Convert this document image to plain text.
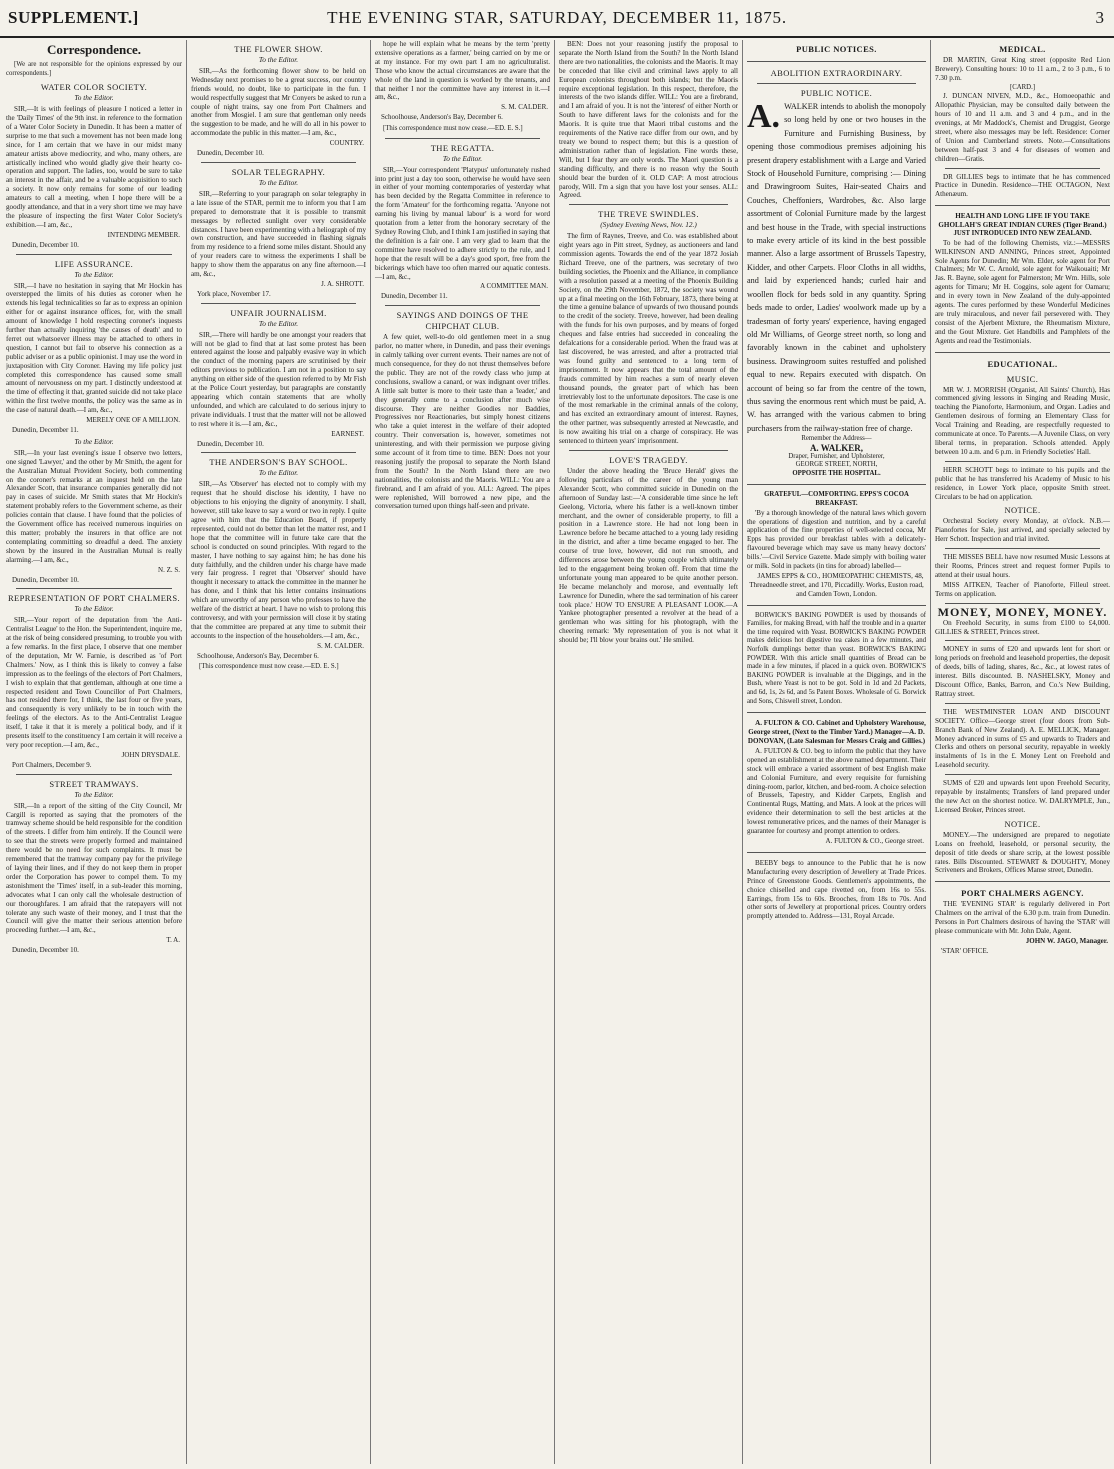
SUPPLEMENT.]	THE EVENING STAR, SATURDAY, DECEMBER 11, 1875.	3
Correspondence.

[We are not responsible for the opinions expressed by our correspondents.]

WATER COLOR SOCIETY.
To the Editor.

SIR,—It is with feelings of pleasure I noticed a letter in the 'Daily Times' of the 9th inst. in reference to the formation of a Water Color Society in Dunedin. It has been a matter of surprise to me that such a movement has not been made long since, for I am certain that we have in our midst many amateur artists above mediocrity, and who, many others, are artistically inclined who would gladly give their hearty co-operation and support. The ladies, too, would be sure to take an interest in the affair, and be a valuable acquisition to such a society. It now only remains for some of our leading amateurs to call a meeting, when I hope there will be a goodly attendance, and that in a very short time we may have the pleasure of inspecting the first Water Color Society's exhibition.—I am, &c.,

INTENDING MEMBER.
Dunedin, December 10.
LIFE ASSURANCE.
To the Editor.

SIR,—I have no hesitation in saying that Mr Hockin has overstepped the limits of his duties as coroner when he extends his legal technicalities so far as to express an opinion either for or against insurance offices, for, with the small amount of knowledge I hold respecting coroner's inquests further than actually inquiring 'the causes of death' and to ferret out whatsoever illness may be attached to others in question, I cannot but fail to observe his connection as a public adviser or as a public opinionist. I may use the word in juxtaposition with City Coroner. Having my life policy just completed this correspondence has caused some small amount of nervousness on my part. I distinctly understood at the time of effecting it that, granted suicide did not take place within the first twelve months, the policy was the same as in the case of natural death.—I am, &c.,

MERELY ONE OF A MILLION.
Dunedin, December 11.
To the Editor.

SIR,—In your last evening's issue I observe two letters, one signed 'Lawyer,' and the other by Mr Smith, the agent for the Australian Mutual Provident Society, both commenting on the coroner's remarks at an inquest held on the late Alexander Scott, that insurance companies generally did not pay in cases of suicide. Mr Smith states that Mr Hockin's statement probably refers to the Government scheme, as their policies contain that clause. I have found that the policies of the Government office has received numerous inquiries on this matter; probably the insurers in that office are not contemplating committing so dreadful a deed. The anxiety shown by the insured in the Australian Mutual is really alarming.—I am, &c.,

N. Z. S.
Dunedin, December 10.
REPRESENTATION OF PORT CHALMERS.
To the Editor.

SIR,—Your report of the deputation from 'the Anti-Centralist League' to the Hon. the Superintendent, inquire me, at the risk of being considered presuming, to trouble you with a few remarks. In the first place, I observe that one member of the deputation, Mr W. Farnie, is described as 'of Port Chalmers.' Now, as I think this is likely to convey a false impression as to the feelings of the electors of Port Chalmers, I wish to explain that that gentleman, although at one time a respected resident and Town Councillor of Port Chalmers, has not resided there for, I think, the last four or five years, and consequently is very unlikely to be in touch with the feelings of the electors. As to the Anti-Centralist League itself, I take it that it is merely a political body, and if it presents itself to the constituency I am certain it will receive a very poor reception.—I am, &c.,

JOHN DRYSDALE.
Port Chalmers, December 9.
STREET TRAMWAYS.
To the Editor.

SIR,—In a report of the sitting of the City Council, Mr Cargill is reported as saying that the promoters of the tramway scheme should be held responsible for the condition of the streets. I differ from him entirely. If the Council were to see that the streets were properly formed and maintained there would be no need for such complaints. It must be remembered that the tramway company pay for the privilege of laying their lines, and if they do not keep them in proper order the Corporation has power to compel them. To my astonishment the 'Times' itself, in a sub-leader this morning, advocates what I can only call the wholesale destruction of our thoroughfares. I am afraid that the ratepayers will not tolerate any such waste of their money, and I trust that the Council will give the matter their serious attention before proceeding further.—I am, &c.,

T. A.
Dunedin, December 10.
THE FLOWER SHOW.
To the Editor.

SIR,—As the forthcoming flower show to be held on Wednesday next promises to be a great success, our country friends would, no doubt, like to participate in the fun. I would respectfully suggest that Mr Conyers be asked to run a couple of night trains, say one from Port Chalmers and another from Mosgiel. I am sure that gentleman only needs the suggestion to be made, and he will do all in his power to accommodate the public in this matter.—I am, &c.,

COUNTRY.
Dunedin, December 10.
SOLAR TELEGRAPHY.
To the Editor.

SIR,—Referring to your paragraph on solar telegraphy in a late issue of the STAR, permit me to inform you that I am prepared to demonstrate that it is possible to transmit messages by reflected sunlight over very considerable distances. I have been experimenting with a heliograph of my own construction, and have succeeded in flashing signals from my residence to a friend some miles distant. Should any of your readers care to witness the experiments I shall be happy to show them the apparatus on any fine afternoon.—I am, &c.,

J. A. SHROTT.
York place, November 17.
UNFAIR JOURNALISM.
To the Editor.

SIR,—There will hardly be one amongst your readers that will not be glad to find that at last some protest has been entered against the loose and palpably evasive way in which the conduct of the morning papers are scrutinised by their editors previous to publication. I am not in a position to say anything on either side of the question referred to by Mr Fish at the Police Court yesterday, but paragraphs are constantly appearing which contain statements that are wholly unfounded, and which are calculated to do serious injury to private individuals. I trust that the matter will not be allowed to rest where it is.—I am, &c.,

EARNEST.
Dunedin, December 10.
THE ANDERSON'S BAY SCHOOL.
To the Editor.

SIR,—As 'Observer' has elected not to comply with my request that he should disclose his identity, I have no objections to his enjoying the dignity of anonymity. I shall, however, still take leave to say a word or two in reply. I quite agree with him that the Education Board, if properly represented, could not do better than let the matter rest, and I hope that the committee will in future take care that the school is conducted on sound principles. With regard to the master, I have nothing to say against him; he has done his duty faithfully, and the children under his charge have made very fair progress. I regret that 'Observer' should have thought it necessary to attack the committee in the manner he has done, and I think that his letter contains insinuations which are unworthy of any person who professes to have the welfare of the district at heart. I have no wish to prolong this controversy, and with your permission will close it by stating that the committee are prepared at any time to submit their accounts to the inspection of the householders.—I am, &c.,

S. M. CALDER.
Schoolhouse, Anderson's Bay, December 6.

[This correspondence must now cease.—ED. E. S.]

hope he will explain what he means by the term 'pretty extensive operations as a farmer,' being carried on by me or at my instance. For my own part I am no agriculturalist. Those who know the actual circumstances are aware that the whole of the land in question is worked by the tenants, and that neither I nor the committee have any interest in it.—I am, &c.,

S. M. CALDER.
Schoolhouse, Anderson's Bay, December 6.

[This correspondence must now cease.—ED. E. S.]

THE REGATTA.
To the Editor.

SIR,—Your correspondent 'Platypus' unfortunately rushed into print just a day too soon, otherwise he would have seen in either of your morning contemporaries of yesterday what has been decided by the Regatta Committee in reference to the form 'Amateur' for the forthcoming regatta. 'Anyone not earning his living by manual labour' is a word for word quotation from a letter from the honorary secretary of the Sydney Rowing Club, and I think I am justified in saying that the definition is a fair one. I am very glad to learn that the committee have resolved to adhere strictly to the rule, and I hope that the result will be a day's good sport, free from the bickerings which have too often marred our aquatic contests.—I am, &c.,

A COMMITTEE MAN.
Dunedin, December 11.
SAYINGS AND DOINGS OF THE CHIPCHAT CLUB.

A few quiet, well-to-do old gentlemen meet in a snug parlor, no matter where, in Dunedin, and pass their evenings in calmly talking over current events. Their names are not of much consequence, for they do not thrust themselves before the public. They are not of the rowdy class who jump at conclusions, swallow a canard, or wax indignant over trifles. A little salt butter is more to their taste than a 'leader,' and they generally come to a conclusion after much wise discourse. They are neither Goodies nor Baddies, Progressives nor Reactionaries, but simply honest citizens who take a quiet interest in the welfare of their adopted country. Their conversation is, however, sometimes not uninteresting, and with their permission we purpose giving some account of it from time to time. BEN: Does not your reasoning justify the proposal to separate the North Island from the South? In the North Island there are two nationalities, the colonists and the Maoris. WILL: You are a firebrand, and I am afraid of you. ALL: Agreed. The pipes were replenished, Will borrowed a new pipe, and the conversation turned upon things half-seen and private.

BEN: Does not your reasoning justify the proposal to separate the North Island from the South? In the North Island there are two nationalities, the colonists and the Maoris. It may be conceded that like civil and criminal laws apply to all European colonists throughout both islands; but the Maoris require exceptional legislation. In this respect, therefore, the interests of the two islands differ. WILL: You are a firebrand, and I am afraid of you. It is not the 'interest' of either North or South to have different laws for the colonists and for the Maoris. It is quite true that Maori tribal customs and the requirements of the Native race differ from our own, and by treaty we bound to respect them; but this is a question of administration rather than of legislation. Fine words these, Will, but I fear they are only words. The Maori question is a standing difficulty, and there is no reason why the South should bear the burden of it. OLD CAP: A most atrocious parody, Will. I'm a sign that you have lost your senses. ALL: Agreed.

THE TREVE SWINDLES.
(Sydney Evening News, Nov. 12.)

The firm of Raynes, Treeve, and Co. was established about eight years ago in Pitt street, Sydney, as auctioneers and land commission agents. Towards the end of the year 1872 Josiah Richard Treeve, one of the partners, was secretary of two building societies, the Phoenix and the Alliance, in compliance with a resolution passed at a meeting of the Phoenix Building Society, on the 29th November, 1872, the society was wound up at a final meeting on the 16th February, 1873, there being at the time a genuine balance of upwards of two thousand pounds to the credit of the society. Treeve, however, had been dealing with the funds for his own purposes, and by means of forged cheques and false entries had succeeded in concealing the defalcations for a considerable period. When the fraud was at last discovered, he was arrested, and after a protracted trial was found guilty and sentenced to a long term of imprisonment. It now appears that the total amount of the frauds committed by him reaches a sum of nearly eleven thousand pounds, the greater part of which has been irretrievably lost to the unfortunate depositors. The case is one of the most remarkable in the criminal annals of the colony, and has excited an extraordinary amount of interest. Raynes, the other partner, was subsequently arrested at Newcastle, and is now awaiting his trial on a charge of conspiracy. He was sentenced to thirteen years' imprisonment.

LOVE'S TRAGEDY.

Under the above heading the 'Bruce Herald' gives the following particulars of the career of the young man Alexander Scott, who committed suicide in Dunedin on the afternoon of Sunday last:—'A considerable time since he left Geelong, Victoria, where his father is a well-known timber merchant, and the owner of considerable property, to fill a position in a Lawrence store. He had not long been in Lawrence before he became attached to a young lady residing in the district, and after a time became engaged to her. The course of true love, however, did not run smooth, and differences arose between the young couple which ultimately led to the engagement being broken off. From that time the unfortunate young man appeared to be quite another person. He became melancholy and morose, and eventually left Lawrence for Dunedin, where the sad termination of his career took place.' HOW TO ENSURE A PLEASANT LOOK.—A Yankee photographer presented a revolver at the head of a gentleman who was sitting for his photograph, with the cheering remark: 'My representation of you is not what it should be; I'll blow your brains out.' He smiled.

PUBLIC NOTICES.
ABOLITION EXTRAORDINARY.
PUBLIC NOTICE.
A. WALKER intends to abolish the monopoly so long held by one or two houses in the Furniture and Furnishing Business, by opening those commodious premises adjoining his present drapery establishment with a Large and Varied Stock of Household Furniture, comprising :— Dining and Drawingroom Suites, Hair-seated Chairs and Couches, Cheffoniers, Wardrobes, &c. Also large assortment of Colonial Furniture made by the largest and best house in the Trade, with special instructions to make every article of its kind in the best possible manner. Also a large assortment of Brussels Tapestry, Kidder, and other Carpets. Floor Cloths in all widths, and laid by experienced hands; curled hair and woollen flock for beds sold in any quantity. Spring beds made to order, Ladies' woolwork made up by a tradesman of forty years' experience, having engaged old Mr Williams, of George street north, so long and favorably known in the cabinet and upholstery business. Drawingroom suites restuffed and polished equal to new. Repairs executed with dispatch. On account of being so far from the centre of the town, thus saving the enormous rent which must be paid, A. W. has arranged with the various cabmen to bring purchasers from the railway-station free of charge.
Remember the Address—
A. WALKER,
Draper, Furnisher, and Upholsterer,
GEORGE STREET, NORTH,
OPPOSITE THE HOSPITAL.
GRATEFUL—COMFORTING. EPPS'S COCOA BREAKFAST.

'By a thorough knowledge of the natural laws which govern the operations of digestion and nutrition, and by a careful application of the fine properties of well-selected cocoa, Mr Epps has provided our breakfast tables with a delicately-flavoured beverage which may save us many heavy doctors' bills.'—Civil Service Gazette. Made simply with boiling water or milk. Sold in packets (in tins for abroad) labelled—

JAMES EPPS & CO., HOMŒOPATHIC CHEMISTS, 48, Threadneedle street, and 170, Piccadilly. Works, Euston road, and Camden Town, London.

BORWICK'S BAKING POWDER is used by thousands of Families, for making Bread, with half the trouble and in a quarter the time required with Yeast. BORWICK'S BAKING POWDER makes delicious hot digestive tea cakes in a few minutes, and Norfolk dumplings better than yeast. BORWICK'S BAKING POWDER. With this article small quantities of Bread can be made in a few minutes, if placed in a quick oven. BORWICK'S BAKING POWDER is invaluable at the Diggings, and in the Bush, where Yeast is not to be got. Sold in 1d and 2d Packets, and 6d, 1s, 2s 6d, and 5s Patent Boxes. Wholesale of G. Borwick and Sons, Chiswell street, London.

A. FULTON & CO. Cabinet and Upholstery Warehouse, George street, (Next to the Timber Yard.) Manager—A. D. DONOVAN, (Late Salesman for Messrs Craig and Gillies.)

A. FULTON & CO. beg to inform the public that they have opened an establishment at the above named department. Their stock will embrace a varied assortment of best English make and Colonial Furniture, and every requisite for furnishing dining-room, parlor, kitchen, and bed-room. A choice selection of Brussels, Tapestry, and Kidder Carpets, English and Continental Rugs, Matting, and Mats. A look at the prices will evidence their determination to sell the best articles at the lowest remunerative prices, and the names of their Manager is guarantee for courtesy and prompt attention to orders.

A. FULTON & CO., George street.

BEEBY begs to announce to the Public that he is now Manufacturing every description of Jewellery at Trade Prices. Prince of Greenstone Goods. Gentlemen's appointments, the choice chiselled and cape rivetted on, from 16s to 55s. Earrings, from 15s to 60s. Brooches, from 18s to 70s. And other sorts of Jewellery at proportional prices. Country orders promptly attended to. Address—131, Royal Arcade.

MEDICAL.

DR MARTIN, Great King street (opposite Red Lion Brewery). Consulting hours: 10 to 11 a.m., 2 to 3 p.m., 6 to 7.30 p.m.

[CARD.]

J. DUNCAN NIVEN, M.D., &c., Homoeopathic and Allopathic Physician, may be consulted daily between the hours of 10 and 11 a.m. and 3 and 4 p.m., and in the evenings, at Mr Maddock's, Chemist and Druggist, George street, where also messages may be left. Residence: Corner of Union and Cumberland streets. Note.—Consultations between half-past 3 and 4 for diseases of women and children—Gratis.

DR GILLIES begs to intimate that he has commenced Practice in Dunedin. Residence—THE OCTAGON, Next Athenæum.

HEALTH AND LONG LIFE IF YOU TAKE GHOLLAH'S GREAT INDIAN CURES (Tiger Brand.)
JUST INTRODUCED INTO NEW ZEALAND.

To be had of the following Chemists, viz.:—MESSRS WILKINSON AND ANNING, Princes street, Appointed Sole Agents for Dunedin; Mr Wm. Elder, sole agent for Port Chalmers; Mr W. C. Arnold, sole agent for Waikouaiti; Mr Jas. R. Bayne, sole agent for Palmerston; Mr Wm. Hills, sole agents for Timaru; Mr H. Coggins, sole agent for Oamaru; and in every town in New Zealand of the duly-appointed agents. The cures performed by these Wonderful Medicines are truly miraculous, and never fail persevered with. They consist of the Ajerbent Mixture, the Rheumatism Mixture, and the Gout Mixture. Get Handbills and Pamphlets of the Agents and read the Testimonials.

EDUCATIONAL.
MUSIC.

MR W. J. MORRISH (Organist, All Saints' Church), Has commenced giving lessons in Singing and Reading Music, teaching the Pianoforte, Harmonium, and Organ. Ladies and Gentlemen desirous of forming an Elementary Class for Vocal Training and Reading, are respectfully requested to communicate at once. To Parents.—A Juvenile Class, on very liberal terms, in preparation. Schools attended. Apply between 10 a.m. and 6 p.m. in Friendly Societies' Hall.

HERR SCHOTT begs to intimate to his pupils and the public that he has transferred his Academy of Music to his residence, in Lower York place, opposite Smith street. Circulars to be had on application.

NOTICE.

Orchestral Society every Monday, at o'clock. N.B.—Pianofortes for Sale, just arrived, and specially selected by Herr Schott. Inspection and trial invited.

THE MISSES BELL have now resumed Music Lessons at their Rooms, Princes street and request former Pupils to attend at their usual hours.

MISS AITKEN, Teacher of Pianoforte, Filleul street. Terms on application.

MONEY, MONEY, MONEY.

On Freehold Security, in sums from £100 to £4,000. GILLIES & STREET, Princes street.

MONEY in sums of £20 and upwards lent for short or long periods on freehold and leasehold properties, the deposit of deeds, bills of lading, shares, &c., &c., at lowest rates of interest. Bills discounted. B. NASHELSKY, Money and Discount Office, Banks, Barron, and Co.'s New Building, Rattray street.

THE WESTMINSTER LOAN AND DISCOUNT SOCIETY. Office—George street (four doors from Sub-Branch Bank of New Zealand). A. E. MELLICK, Manager. Money advanced in sums of £5 and upwards to Traders and Clerks and others on personal security, repayable in weekly instalments of 1s in the £. Money Lent on Freehold and Leasehold security.

SUMS of £20 and upwards lent upon Freehold Security, repayable by instalments; Transfers of land prepared under the new Act on the shortest notice. W. DALRYMPLE, Jun., Licensed Broker, Princes street.

NOTICE.

MONEY.—The undersigned are prepared to negotiate Loans on freehold, leasehold, or personal security, the deposit of title deeds or share scrip, at the lowest possible rates. Bills Discounted. STEWART & DOUGHTY, Money Scriveners and Brokers, Offices Manse street, Dunedin.

PORT CHALMERS AGENCY.

THE 'EVENING STAR' is regularly delivered in Port Chalmers on the arrival of the 6.30 p.m. train from Dunedin. Persons in Port Chalmers desirous of having the 'STAR' will please communicate with Mr. John Dale, Agent.

JOHN W. JAGO, Manager.
'STAR' OFFICE.
